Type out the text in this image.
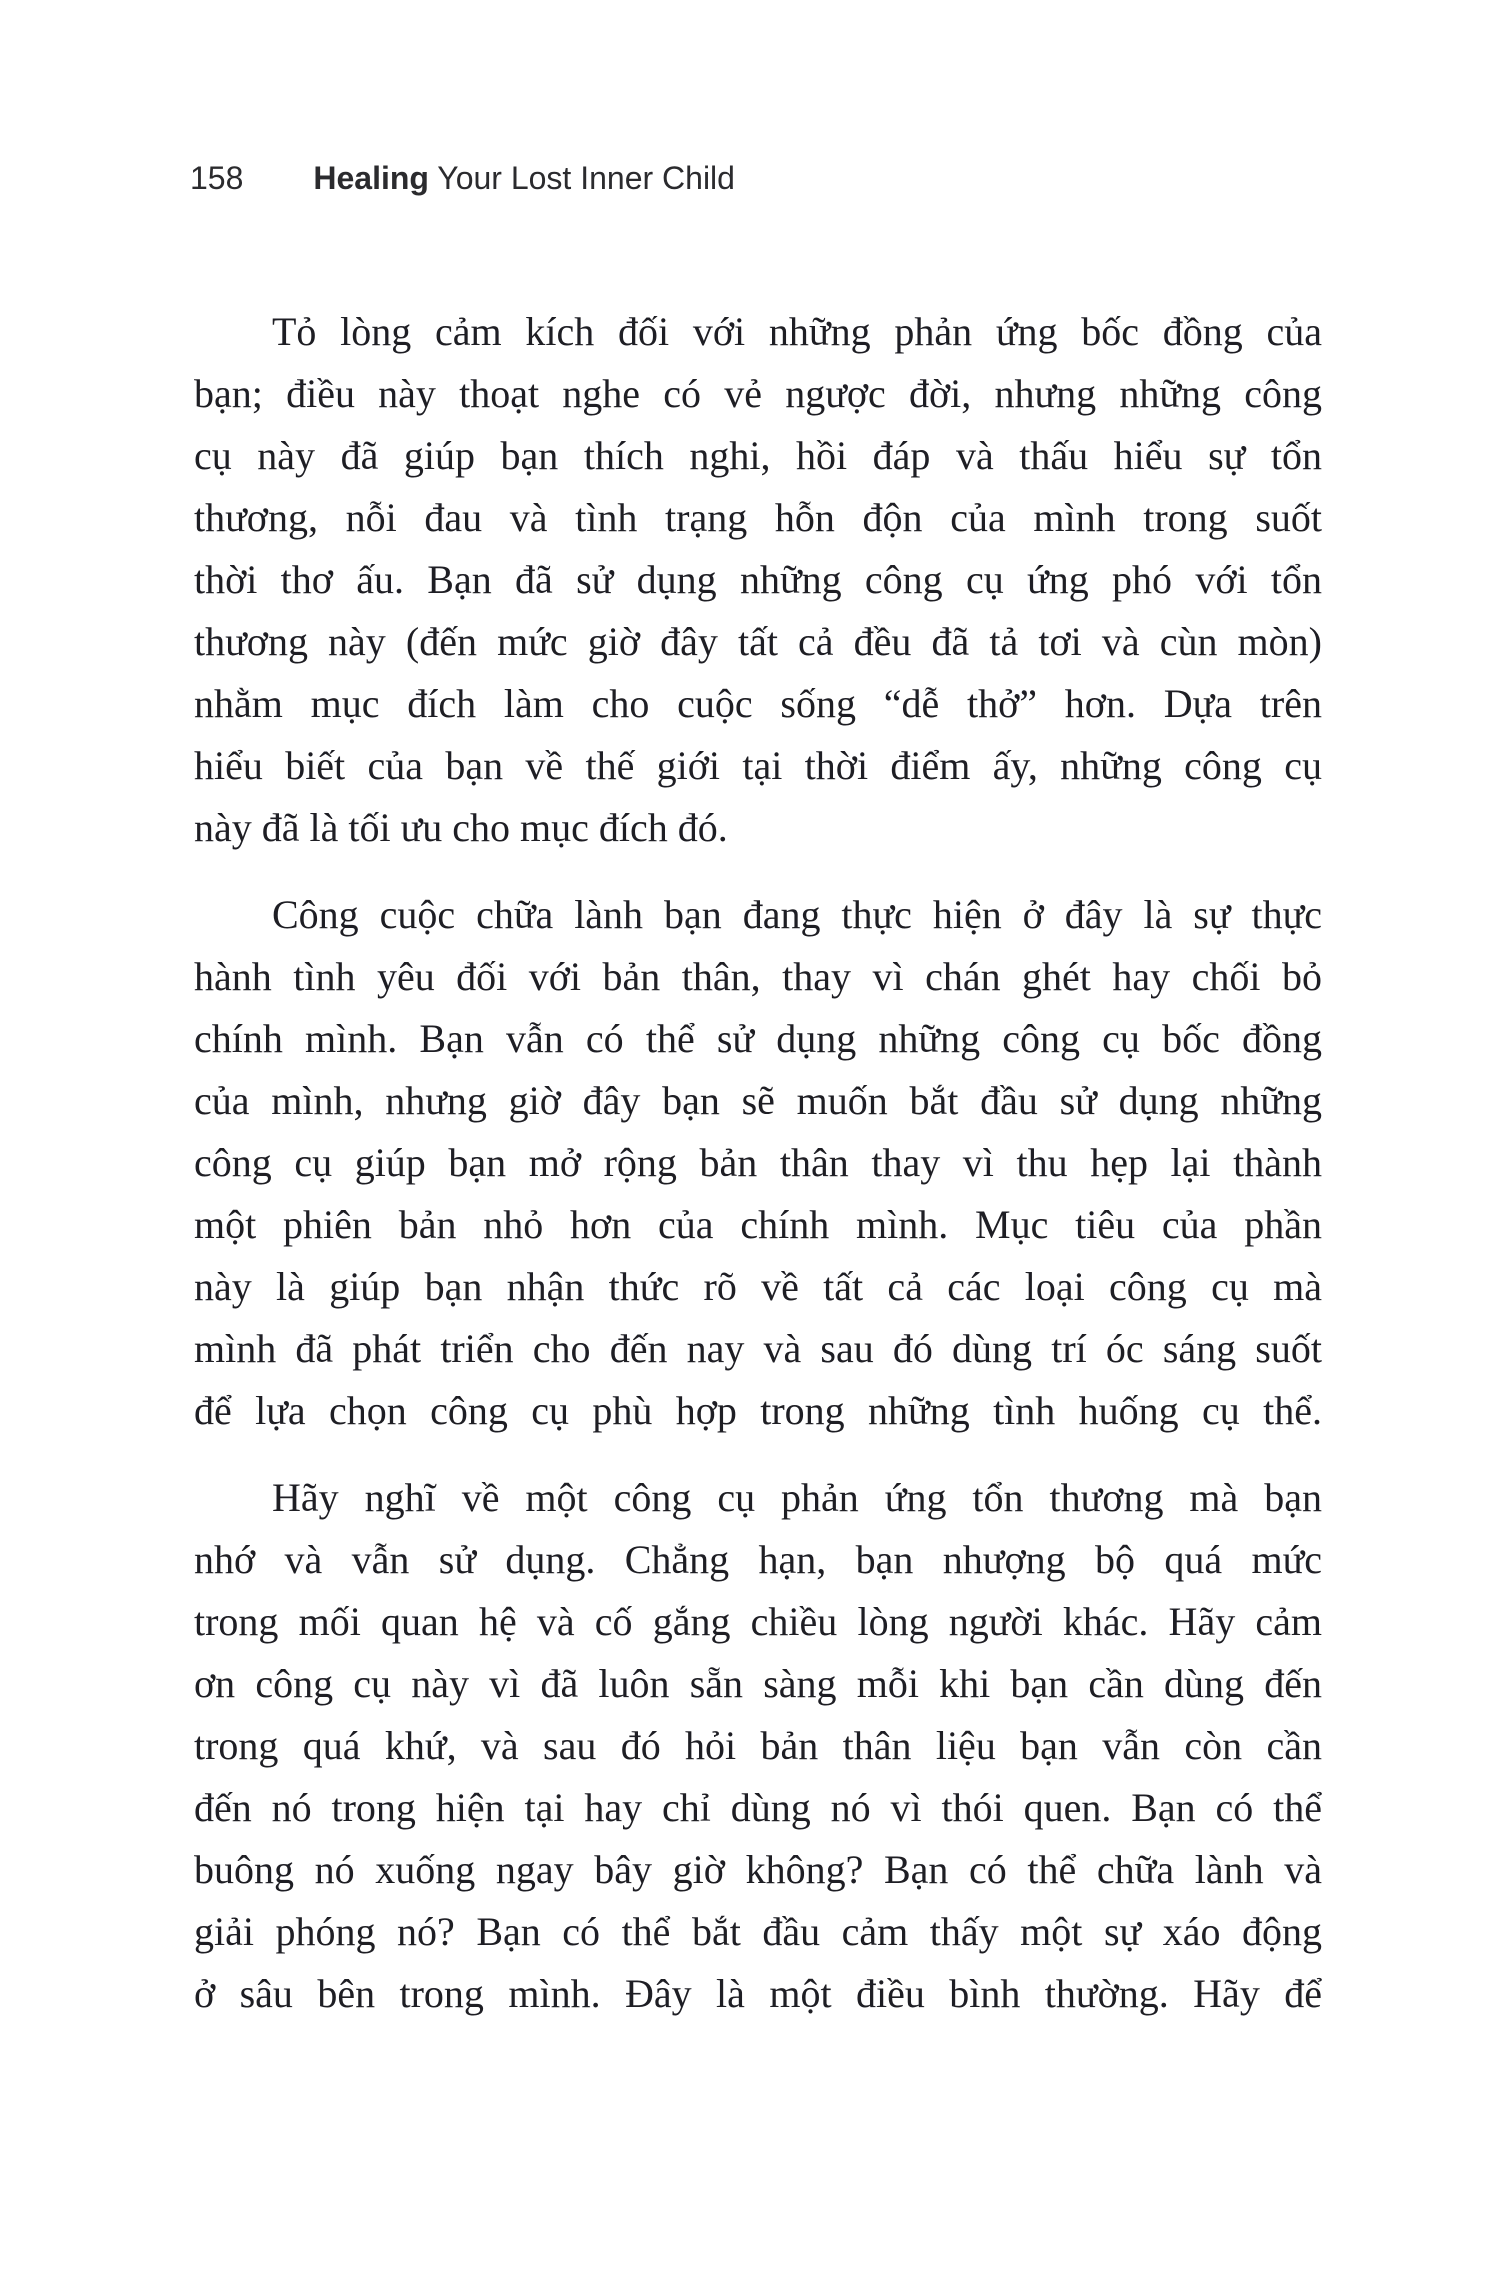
158 Healing Your Lost Inner Child
Tỏ lòng cảm kích đối với những phản ứng bốc đồng của
bạn; điều này thoạt nghe có vẻ ngược đời, nhưng những công
cụ này đã giúp bạn thích nghi, hồi đáp và thấu hiểu sự tổn
thương, nỗi đau và tình trạng hỗn độn của mình trong suốt
thời thơ ấu. Bạn đã sử dụng những công cụ ứng phó với tổn
thương này (đến mức giờ đây tất cả đều đã tả tơi và cùn mòn)
nhằm mục đích làm cho cuộc sống “dễ thở” hơn. Dựa trên
hiểu biết của bạn về thế giới tại thời điểm ấy, những công cụ
này đã là tối ưu cho mục đích đó.
Công cuộc chữa lành bạn đang thực hiện ở đây là sự thực
hành tình yêu đối với bản thân, thay vì chán ghét hay chối bỏ
chính mình. Bạn vẫn có thể sử dụng những công cụ bốc đồng
của mình, nhưng giờ đây bạn sẽ muốn bắt đầu sử dụng những
công cụ giúp bạn mở rộng bản thân thay vì thu hẹp lại thành
một phiên bản nhỏ hơn của chính mình. Mục tiêu của phần
này là giúp bạn nhận thức rõ về tất cả các loại công cụ mà
mình đã phát triển cho đến nay và sau đó dùng trí óc sáng suốt
để lựa chọn công cụ phù hợp trong những tình huống cụ thể.
Hãy nghĩ về một công cụ phản ứng tổn thương mà bạn
nhớ và vẫn sử dụng. Chẳng hạn, bạn nhượng bộ quá mức
trong mối quan hệ và cố gắng chiều lòng người khác. Hãy cảm
ơn công cụ này vì đã luôn sẵn sàng mỗi khi bạn cần dùng đến
trong quá khứ, và sau đó hỏi bản thân liệu bạn vẫn còn cần
đến nó trong hiện tại hay chỉ dùng nó vì thói quen. Bạn có thể
buông nó xuống ngay bây giờ không? Bạn có thể chữa lành và
giải phóng nó? Bạn có thể bắt đầu cảm thấy một sự xáo động
ở sâu bên trong mình. Đây là một điều bình thường. Hãy để
